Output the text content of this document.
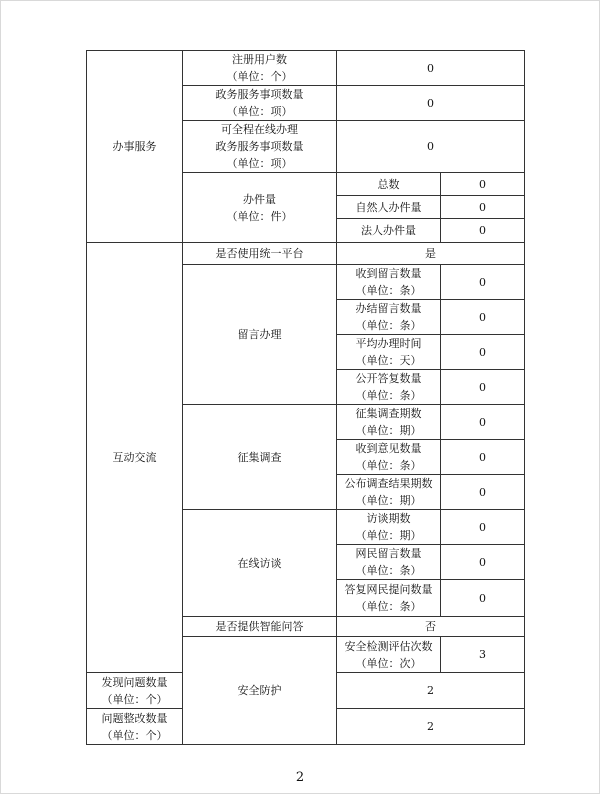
办事服务	注册用户数
（单位：个）	0	
	政务服务事项数量
（单位：项）	0	
	可全程在线办理
政务服务事项数量
（单位：项）	0	
	办件量
（单位：件）	总数	0
		自然人办件量	0
		法人办件量	0
互动交流	是否使用统一平台	是	
	留言办理	收到留言数量
（单位：条）	0
		办结留言数量
（单位：条）	0
		平均办理时间
（单位：天）	0
		公开答复数量
（单位：条）	0
	征集调查	征集调查期数
（单位：期）	0
		收到意见数量
（单位：条）	0
		公布调查结果期数
（单位：期）	0
	在线访谈	访谈期数
（单位：期）	0
		网民留言数量
（单位：条）	0
		答复网民提问数量
（单位：条）	0
	是否提供智能问答	否	
	安全防护	安全检测评估次数
（单位：次）	3
发现问题数量
（单位：个）		2	
问题整改数量
（单位：个）		2	
2
